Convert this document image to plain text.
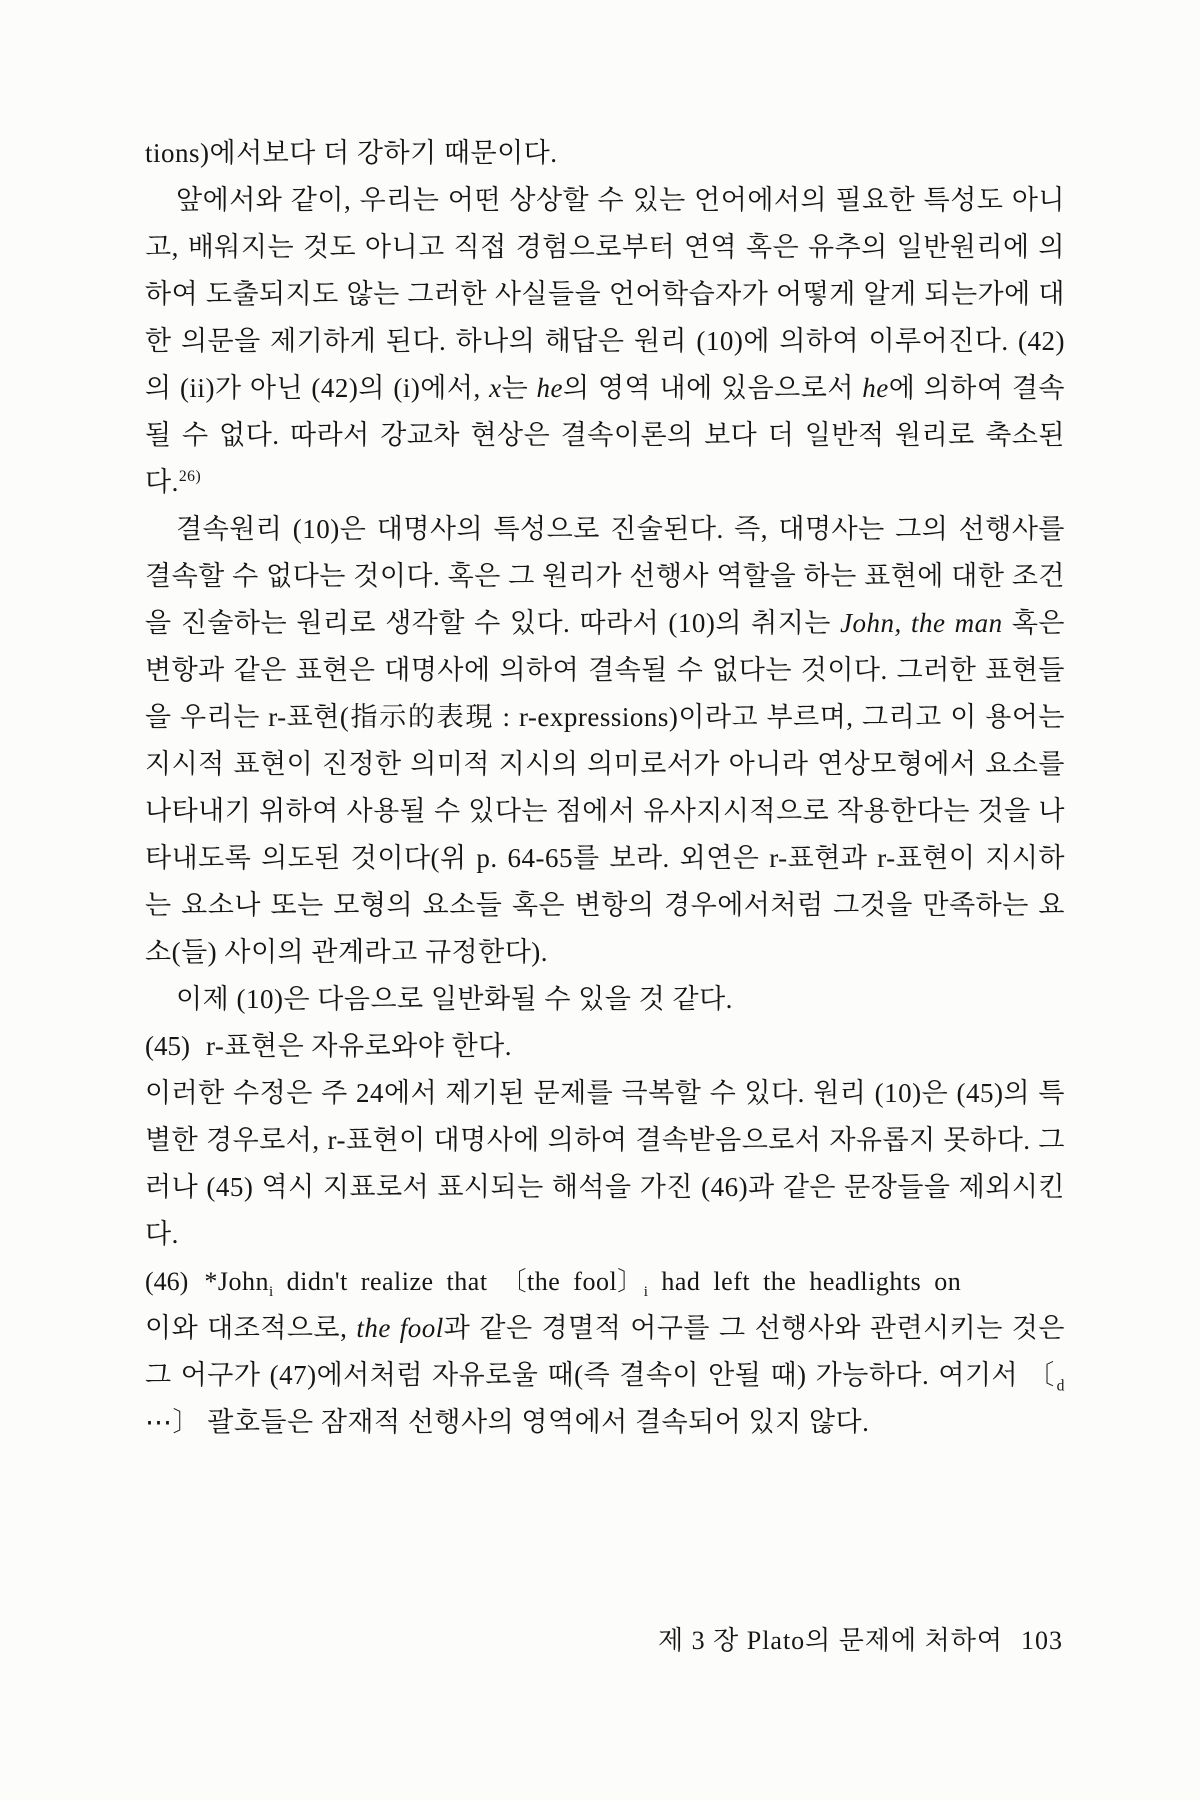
tions)에서보다 더 강하기 때문이다.

앞에서와 같이, 우리는 어떤 상상할 수 있는 언어에서의 필요한 특성도 아니고, 배워지는 것도 아니고 직접 경험으로부터 연역 혹은 유추의 일반원리에 의하여 도출되지도 않는 그러한 사실들을 언어학습자가 어떻게 알게 되는가에 대한 의문을 제기하게 된다. 하나의 해답은 원리 (10)에 의하여 이루어진다. (42)의 (ii)가 아닌 (42)의 (i)에서, x는 he의 영역 내에 있음으로서 he에 의하여 결속될 수 없다. 따라서 강교차 현상은 결속이론의 보다 더 일반적 원리로 축소된다.$^{26)}$

결속원리 (10)은 대명사의 특성으로 진술된다. 즉, 대명사는 그의 선행사를 결속할 수 없다는 것이다. 혹은 그 원리가 선행사 역할을 하는 표현에 대한 조건을 진술하는 원리로 생각할 수 있다. 따라서 (10)의 취지는 John, the man 혹은 변항과 같은 표현은 대명사에 의하여 결속될 수 없다는 것이다. 그러한 표현들을 우리는 r-표현(指示的表現 : r-expressions)이라고 부르며, 그리고 이 용어는 지시적 표현이 진정한 의미적 지시의 의미로서가 아니라 연상모형에서 요소를 나타내기 위하여 사용될 수 있다는 점에서 유사지시적으로 작용한다는 것을 나타내도록 의도된 것이다(위 p. 64-65를 보라. 외연은 r-표현과 r-표현이 지시하는 요소나 또는 모형의 요소들 혹은 변항의 경우에서처럼 그것을 만족하는 요소(들) 사이의 관계라고 규정한다).

이제 (10)은 다음으로 일반화될 수 있을 것 같다.

(45) r-표현은 자유로와야 한다.

이러한 수정은 주 24에서 제기된 문제를 극복할 수 있다. 원리 (10)은 (45)의 특별한 경우로서, r-표현이 대명사에 의하여 결속받음으로서 자유롭지 못하다. 그러나 (45) 역시 지표로서 표시되는 해석을 가진 (46)과 같은 문장들을 제외시킨다.

(46) *John$_i$ didn't realize that 〔the fool〕$_i$ had left the headlights on

이와 대조적으로, the fool과 같은 경멸적 어구를 그 선행사와 관련시키는 것은 그 어구가 (47)에서처럼 자유로울 때(즉 결속이 안될 때) 가능하다. 여기서 〔$_d$ ⋯〕 괄호들은 잠재적 선행사의 영역에서 결속되어 있지 않다.

제 3 장 Plato의 문제에 처하여 103
